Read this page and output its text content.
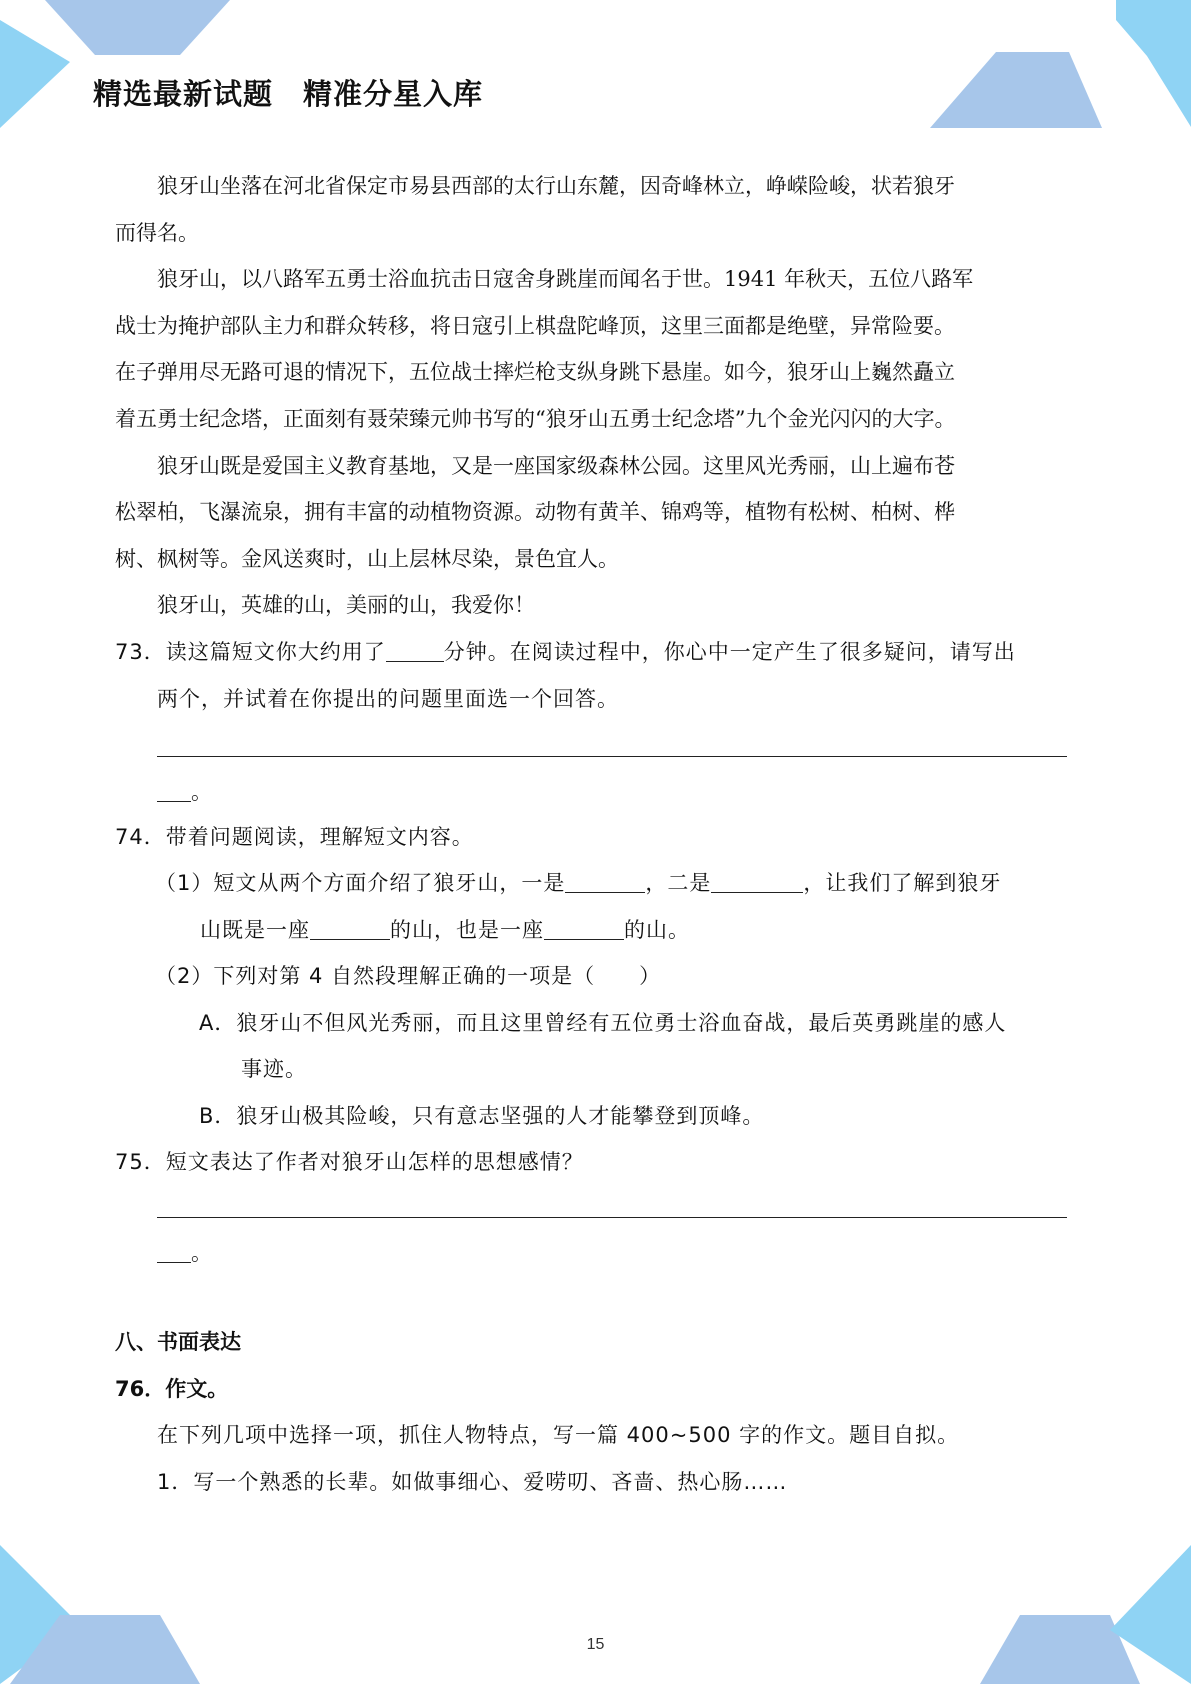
精选最新试题　精准分星入库
狼牙山坐落在河北省保定市易县西部的太行山东麓，因奇峰林立，峥嵘险峻，状若狼牙
而得名。
狼牙山，以八路军五勇士浴血抗击日寇舍身跳崖而闻名于世。1941 年秋天，五位八路军
战士为掩护部队主力和群众转移，将日寇引上棋盘陀峰顶，这里三面都是绝壁，异常险要。
在子弹用尽无路可退的情况下，五位战士摔烂枪支纵身跳下悬崖。如今，狼牙山上巍然矗立
着五勇士纪念塔，正面刻有聂荣臻元帅书写的“狼牙山五勇士纪念塔”九个金光闪闪的大字。
狼牙山既是爱国主义教育基地，又是一座国家级森林公园。这里风光秀丽，山上遍布苍
松翠柏，飞瀑流泉，拥有丰富的动植物资源。动物有黄羊、锦鸡等，植物有松树、柏树、桦
树、枫树等。金风送爽时，山上层林尽染，景色宜人。
狼牙山，英雄的山，美丽的山，我爱你！
73．读这篇短文你大约用了	分钟。在阅读过程中，你心中一定产生了很多疑问，请写出
两个，并试着在你提出的问题里面选一个回答。
。
74．带着问题阅读，理解短文内容。
（1）短文从两个方面介绍了狼牙山，一是	，二是	，让我们了解到狼牙
山既是一座	的山，也是一座	的山。
（2）下列对第 4 自然段理解正确的一项是（　　）
A．狼牙山不但风光秀丽，而且这里曾经有五位勇士浴血奋战，最后英勇跳崖的感人
事迹。
B．狼牙山极其险峻，只有意志坚强的人才能攀登到顶峰。
75．短文表达了作者对狼牙山怎样的思想感情？
。
八、书面表达
76．作文。
在下列几项中选择一项，抓住人物特点，写一篇 400~500 字的作文。题目自拟。
1．写一个熟悉的长辈。如做事细心、爱唠叨、吝啬、热心肠……
15
